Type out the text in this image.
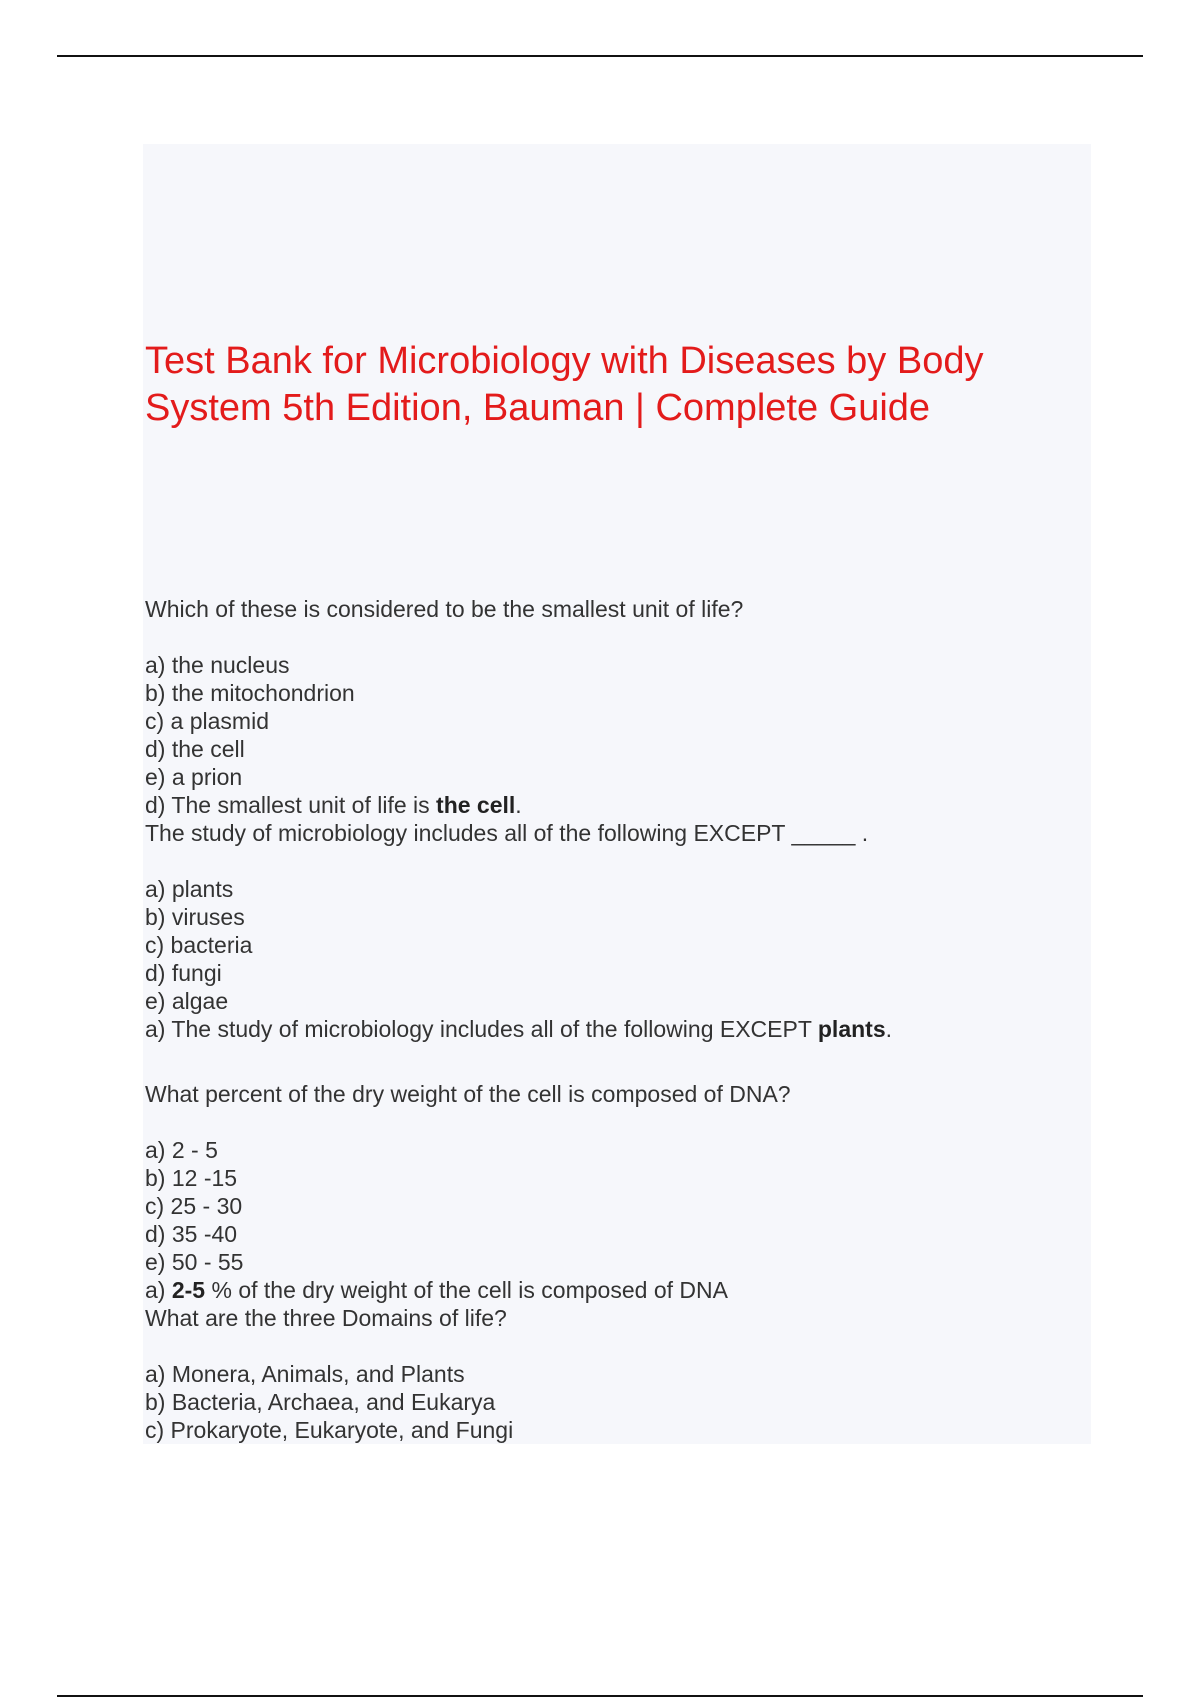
Test Bank for Microbiology with Diseases by Body System 5th Edition, Bauman | Complete Guide

Which of these is considered to be the smallest unit of life?

a) the nucleus

b) the mitochondrion

c) a plasmid

d) the cell

e) a prion

d) The smallest unit of life is the cell.

The study of microbiology includes all of the following EXCEPT _____ .

a) plants

b) viruses

c) bacteria

d) fungi

e) algae

a) The study of microbiology includes all of the following EXCEPT plants.

What percent of the dry weight of the cell is composed of DNA?

a) 2 - 5

b) 12 -15

c) 25 - 30

d) 35 -40

e) 50 - 55

a) 2-5 % of the dry weight of the cell is composed of DNA

What are the three Domains of life?

a) Monera, Animals, and Plants

b) Bacteria, Archaea, and Eukarya

c) Prokaryote, Eukaryote, and Fungi
